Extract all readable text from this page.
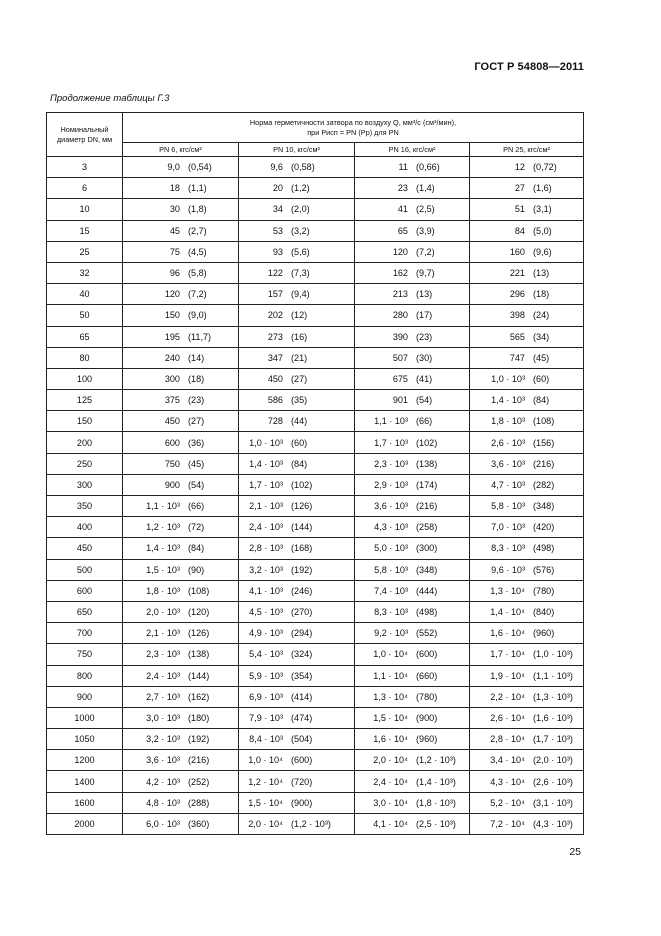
ГОСТ Р 54808—2011
Продолжение таблицы Г.3
Номинальный диаметр DN, мм	Норма герметичности затвора по воздуху Q, мм³/с (см³/мин),
при Pисп = PN (Pр) для PN			

	PN 6, кгс/см²	PN 10, кгс/см²	PN 16, кгс/см²	PN 25, кгс/см²
3	9,0 (0,54)	9,6 (0,58)	11 (0,66)	12 (0,72)

6	18 (1,1)	20 (1,2)	23 (1,4)	27 (1,6)

10	30 (1,8)	34 (2,0)	41 (2,5)	51 (3,1)

15	45 (2,7)	53 (3,2)	65 (3,9)	84 (5,0)

25	75 (4,5)	93 (5,6)	120 (7,2)	160 (9,6)

32	96 (5,8)	122 (7,3)	162 (9,7)	221 (13)

40	120 (7,2)	157 (9,4)	213 (13)	296 (18)

50	150 (9,0)	202 (12)	280 (17)	398 (24)

65	195 (11,7)	273 (16)	390 (23)	565 (34)

80	240 (14)	347 (21)	507 (30)	747 (45)

100	300 (18)	450 (27)	675 (41)	1,0 · 10³ (60)

125	375 (23)	586 (35)	901 (54)	1,4 · 10³ (84)

150	450 (27)	728 (44)	1,1 · 10³ (66)	1,8 · 10³ (108)

200	600 (36)	1,0 · 10³ (60)	1,7 · 10³ (102)	2,6 · 10³ (156)

250	750 (45)	1,4 · 10³ (84)	2,3 · 10³ (138)	3,6 · 10³ (216)

300	900 (54)	1,7 · 10³ (102)	2,9 · 10³ (174)	4,7 · 10³ (282)

350	1,1 · 10³ (66)	2,1 · 10³ (126)	3,6 · 10³ (216)	5,8 · 10³ (348)

400	1,2 · 10³ (72)	2,4 · 10³ (144)	4,3 · 10³ (258)	7,0 · 10³ (420)

450	1,4 · 10³ (84)	2,8 · 10³ (168)	5,0 · 10³ (300)	8,3 · 10³ (498)

500	1,5 · 10³ (90)	3,2 · 10³ (192)	5,8 · 10³ (348)	9,6 · 10³ (576)

600	1,8 · 10³ (108)	4,1 · 10³ (246)	7,4 · 10³ (444)	1,3 · 10⁴ (780)

650	2,0 · 10³ (120)	4,5 · 10³ (270)	8,3 · 10³ (498)	1,4 · 10⁴ (840)

700	2,1 · 10³ (126)	4,9 · 10³ (294)	9,2 · 10³ (552)	1,6 · 10⁴ (960)

750	2,3 · 10³ (138)	5,4 · 10³ (324)	1,0 · 10⁴ (600)	1,7 · 10⁴ (1,0 · 10³)

800	2,4 · 10³ (144)	5,9 · 10³ (354)	1,1 · 10⁴ (660)	1,9 · 10⁴ (1,1 · 10³)

900	2,7 · 10³ (162)	6,9 · 10³ (414)	1,3 · 10⁴ (780)	2,2 · 10⁴ (1,3 · 10³)

1000	3,0 · 10³ (180)	7,9 · 10³ (474)	1,5 · 10⁴ (900)	2,6 · 10⁴ (1,6 · 10³)

1050	3,2 · 10³ (192)	8,4 · 10³ (504)	1,6 · 10⁴ (960)	2,8 · 10⁴ (1,7 · 10³)

1200	3,6 · 10³ (216)	1,0 · 10⁴ (600)	2,0 · 10⁴ (1,2 · 10³)	3,4 · 10⁴ (2,0 · 10³)

1400	4,2 · 10³ (252)	1,2 · 10⁴ (720)	2,4 · 10⁴ (1,4 · 10³)	4,3 · 10⁴ (2,6 · 10³)

1600	4,8 · 10³ (288)	1,5 · 10⁴ (900)	3,0 · 10⁴ (1,8 · 10³)	5,2 · 10⁴ (3,1 · 10³)

2000	6,0 · 10³ (360)	2,0 · 10⁴ (1,2 · 10³)	4,1 · 10⁴ (2,5 · 10³)	7,2 · 10⁴ (4,3 · 10³)
25
